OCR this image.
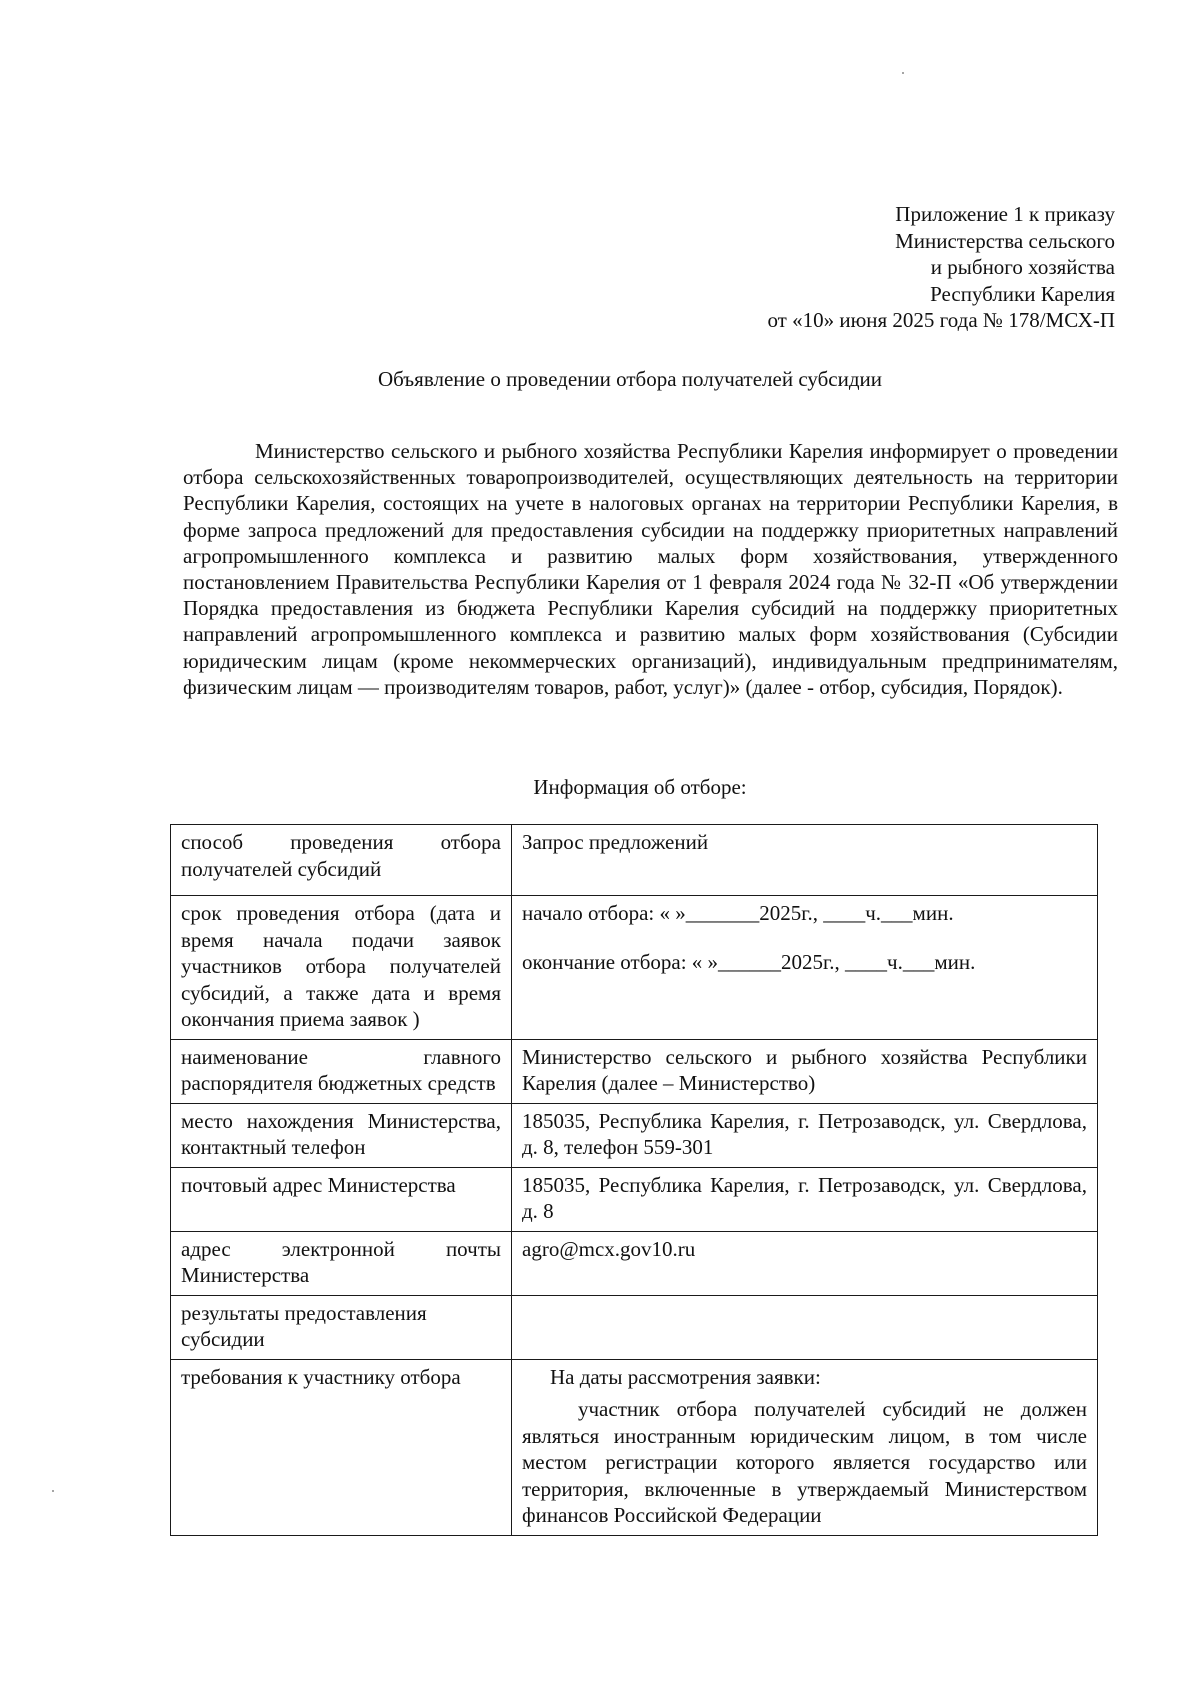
Приложение 1 к приказу
Министерства сельского
и рыбного хозяйства
Республики Карелия
от «10» июня 2025 года № 178/МСХ-П
Объявление о проведении отбора получателей субсидии

Министерство сельского и рыбного хозяйства Республики Карелия информирует о проведении отбора сельскохозяйственных товаропроизводителей, осуществляющих деятельность на территории Республики Карелия, состоящих на учете в налоговых органах на территории Республики Карелия, в форме запроса предложений для предоставления субсидии на поддержку приоритетных направлений агропромышленного комплекса и развитию малых форм хозяйствования, утвержденного постановлением Правительства Республики Карелия от 1 февраля 2024 года № 32-П «Об утверждении Порядка предоставления из бюджета Республики Карелия субсидий на поддержку приоритетных направлений агропромышленного комплекса и развитию малых форм хозяйствования (Субсидии юридическим лицам (кроме некоммерческих организаций), индивидуальным предпринимателям, физическим лицам — производителям товаров, работ, услуг)» (далее - отбор, субсидия, Порядок).

Информация об отборе:
способ проведения отбора получателей субсидий	Запрос предложений
срок проведения отбора (дата и время начала подачи заявок участников отбора получателей субсидий, а также дата и время окончания приема заявок )	начало отбора: « »_______2025г., ____ч.___мин.
окончание отбора: « »______2025г., ____ч.___мин.

наименование главного распорядителя бюджетных средств	Министерство сельского и рыбного хозяйства Республики Карелия (далее – Министерство)
место нахождения Министерства, контактный телефон	185035, Республика Карелия, г. Петрозаводск, ул. Свердлова, д. 8, телефон 559-301
почтовый адрес Министерства	185035, Республика Карелия, г. Петрозаводск, ул. Свердлова, д. 8
адрес электронной почты Министерства	agro@mcx.gov10.ru
результаты предоставления субсидии	
требования к участнику отбора	На даты рассмотрения заявки:

участник отбора получателей субсидий не должен являться иностранным юридическим лицом, в том числе местом регистрации которого является государство или территория, включенные в утверждаемый Министерством финансов Российской Федерации
